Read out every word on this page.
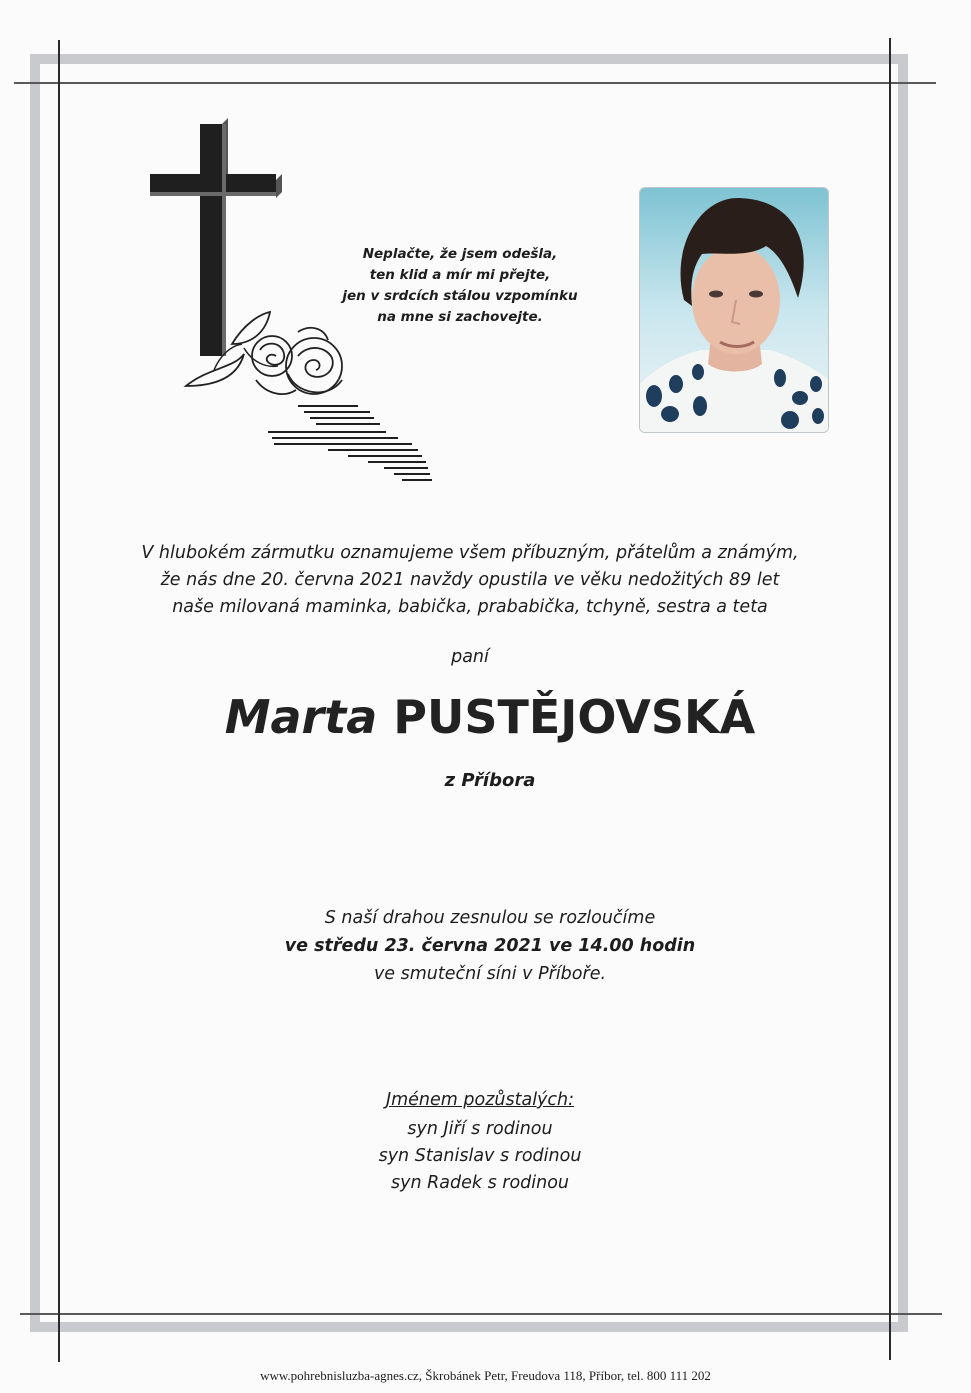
Neplačte, že jsem odešla,
ten klid a mír mi přejte,
jen v srdcích stálou vzpomínku
na mne si zachovejte.
V hlubokém zármutku oznamujeme všem příbuzným, přátelům a známým,
že nás dne 20. června 2021 navždy opustila ve věku nedožitých 89 let
naše milovaná maminka, babička, prababička, tchyně, sestra a teta
paní
Marta PUSTĚJOVSKÁ
z Příbora
S naší drahou zesnulou se rozloučíme
ve středu 23. června 2021 ve 14.00 hodin
ve smuteční síni v Příboře.
Jménem pozůstalých:
syn Jiří s rodinou
syn Stanislav s rodinou
syn Radek s rodinou
www.pohrebnisluzba-agnes.cz, Škrobánek Petr, Freudova 118, Příbor, tel. 800 111 202
